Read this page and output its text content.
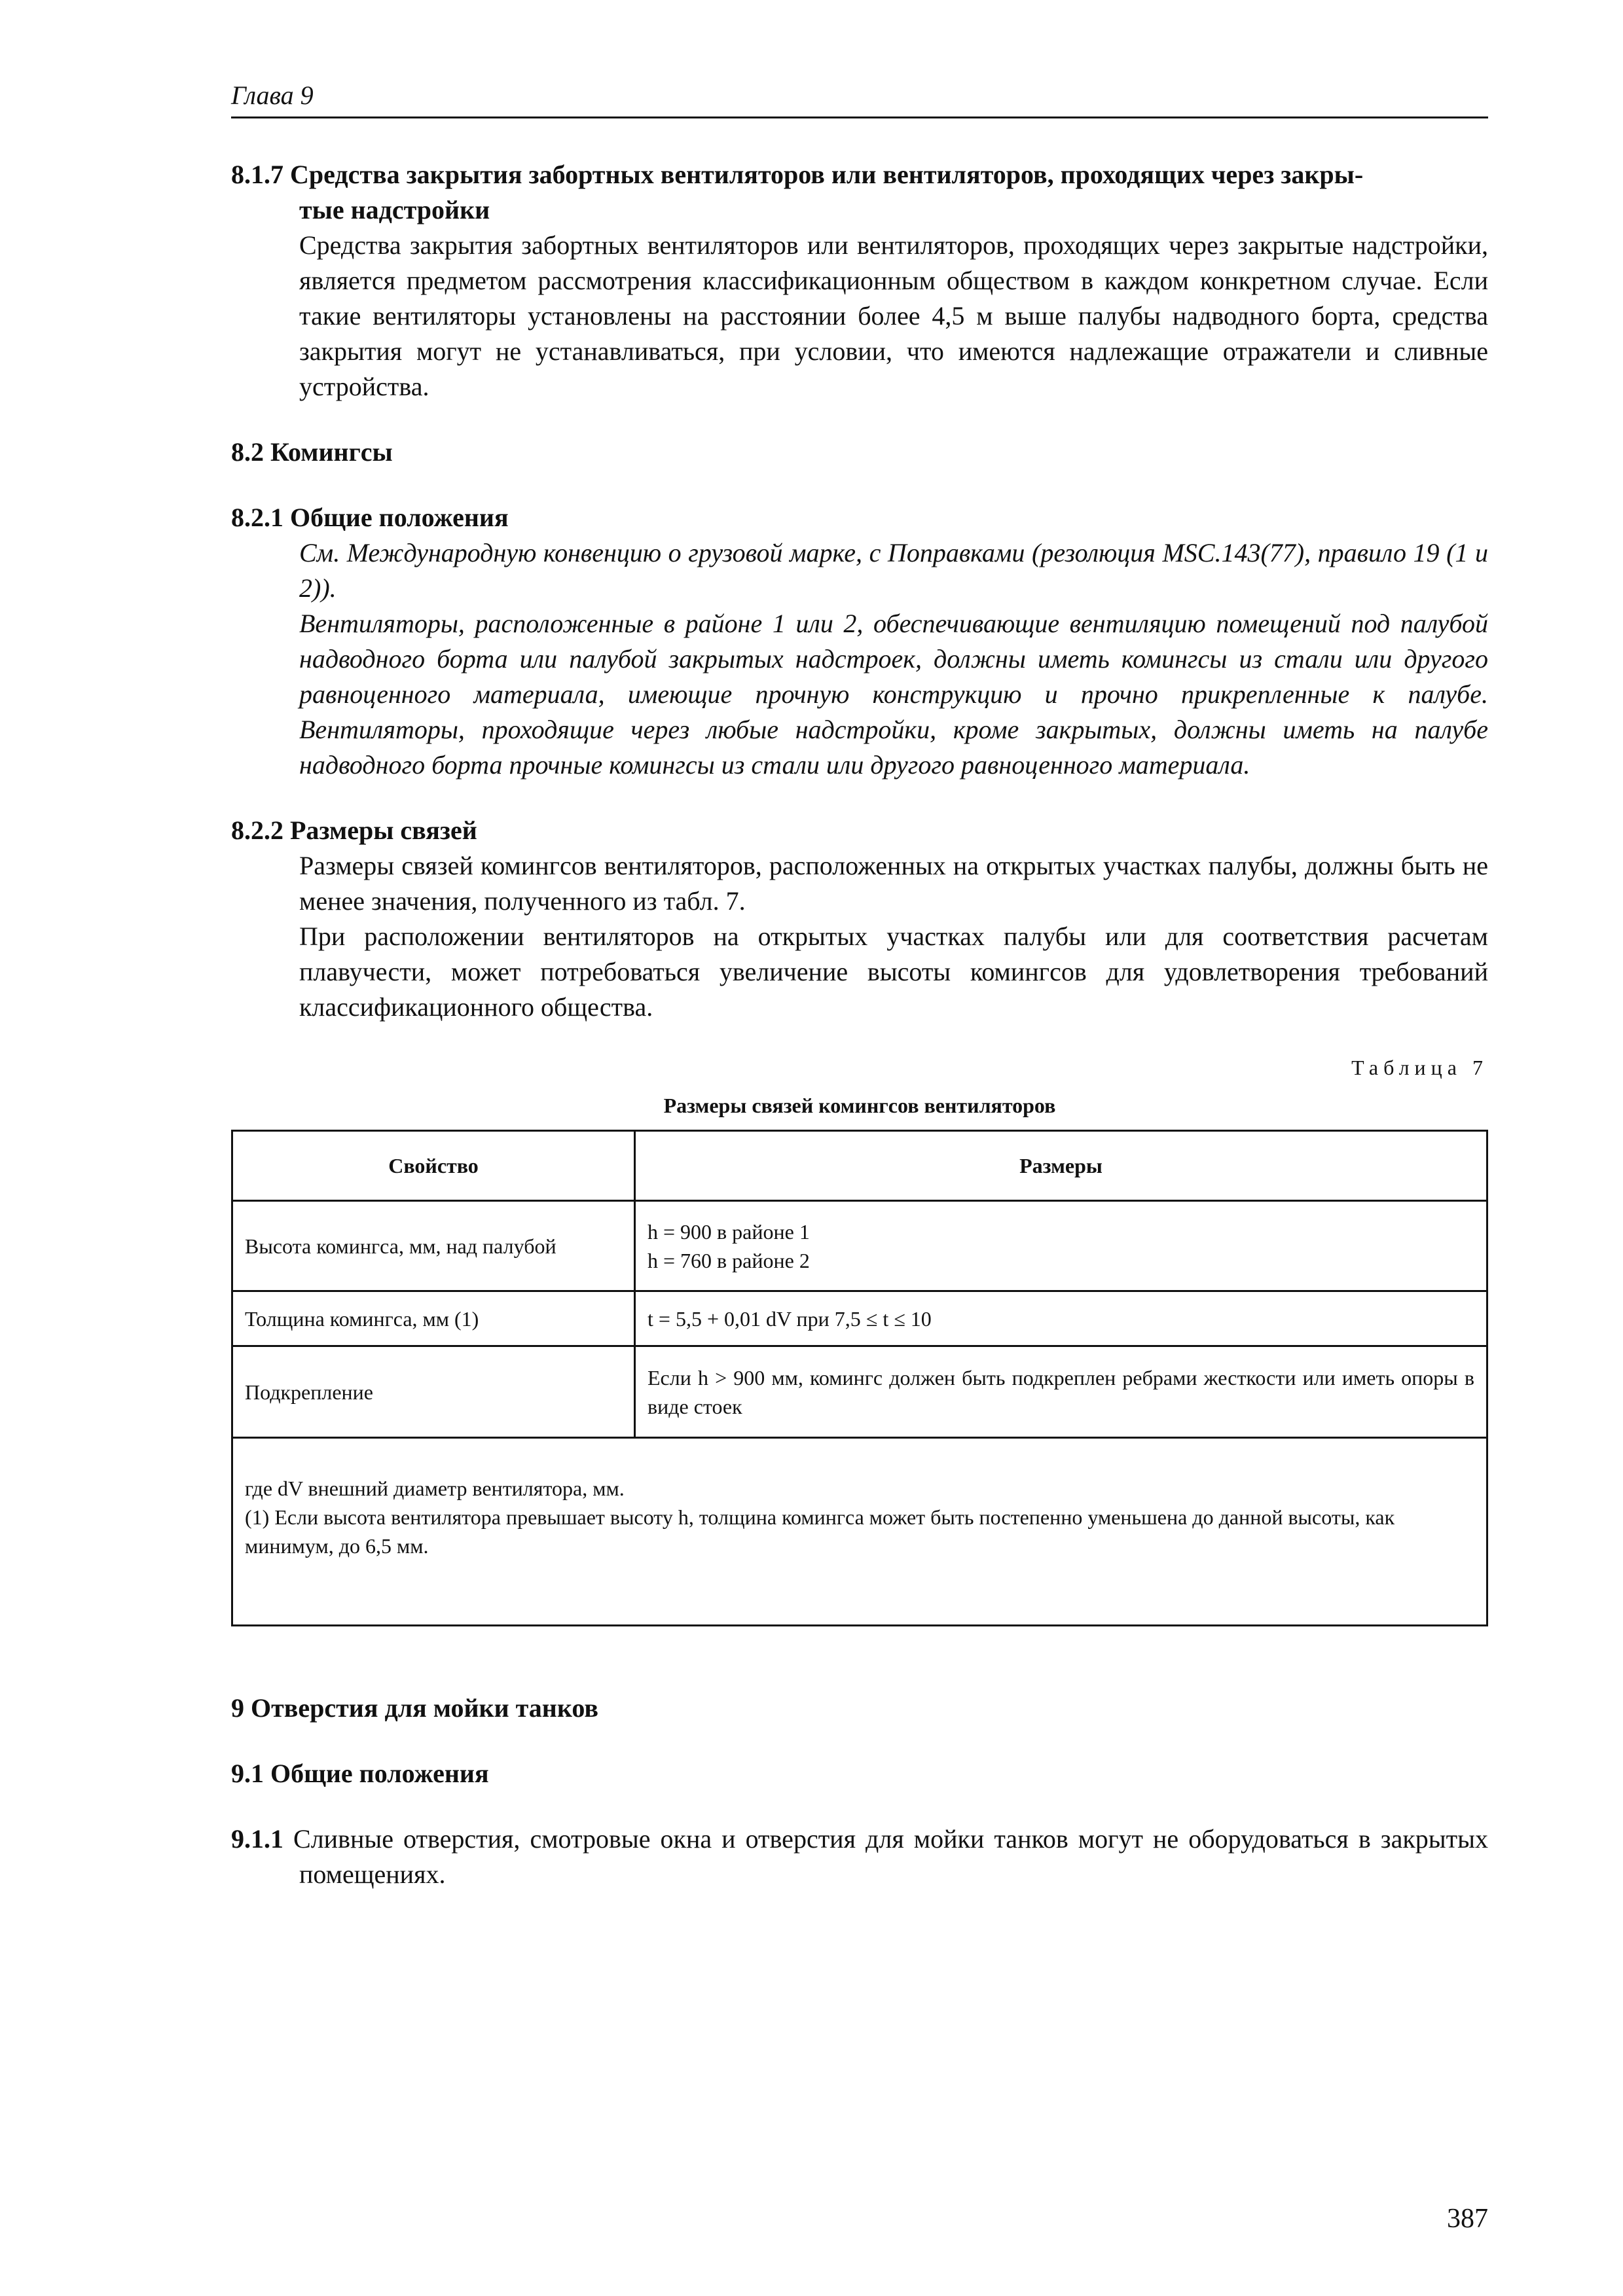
Глава 9
8.1.7 Средства закрытия забортных вентиляторов или вентиляторов, проходящих через закры-
тые надстройки
Средства закрытия забортных вентиляторов или вентиляторов, проходящих через закрытые надстройки, является предметом рассмотрения классификационным обществом в каждом конкретном случае. Если такие вентиляторы установлены на расстоянии более 4,5 м выше палубы надводного борта, средства закрытия могут не устанавливаться, при условии, что имеются надлежащие отражатели и сливные устройства.
8.2 Комингсы
8.2.1 Общие положения
См. Международную конвенцию о грузовой марке, с Поправками (резолюция MSC.143(77), правило 19 (1 и 2)).
Вентиляторы, расположенные в районе 1 или 2, обеспечивающие вентиляцию помещений под палубой надводного борта или палубой закрытых надстроек, должны иметь комингсы из стали или другого равноценного материала, имеющие прочную конструкцию и прочно прикрепленные к палубе. Вентиляторы, проходящие через любые надстройки, кроме закрытых, должны иметь на палубе надводного борта прочные комингсы из стали или другого равноценного материала.
8.2.2 Размеры связей
Размеры связей комингсов вентиляторов, расположенных на открытых участках палубы, должны быть не менее значения, полученного из табл. 7.
При расположении вентиляторов на открытых участках палубы или для соответствия расчетам плавучести, может потребоваться увеличение высоты комингсов для удовлетворения требований классификационного общества.
Таблица 7
Размеры связей комингсов вентиляторов
Свойство	Размеры
Высота комингса, мм, над палубой	h = 900 в районе 1
h = 760 в районе 2

Толщина комингса, мм (1)	t = 5,5 + 0,01 dV при 7,5 ≤ t ≤ 10
Подкрепление	Если h > 900 мм, комингс должен быть подкреплен ребрами жесткости или иметь опоры в виде стоек

где dV внешний диаметр вентилятора, мм.
(1) Если высота вентилятора превышает высоту h, толщина комингса может быть постепенно уменьшена до данной высоты, как минимум, до 6,5 мм.	
9 Отверстия для мойки танков
9.1 Общие положения
9.1.1 Сливные отверстия, смотровые окна и отверстия для мойки танков могут не оборудоваться в закрытых помещениях.
387
